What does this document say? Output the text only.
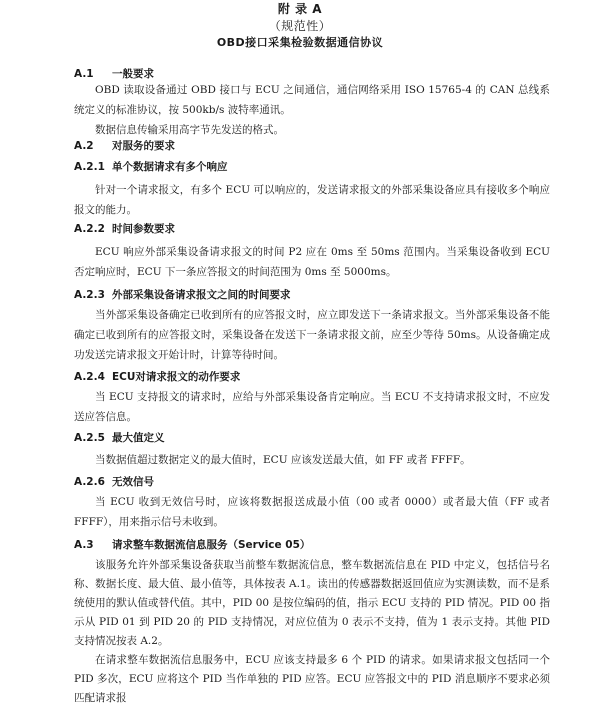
附 录 A
（规范性）
OBD接口采集检验数据通信协议
A.1 一般要求

OBD 读取设备通过 OBD 接口与 ECU 之间通信，通信网络采用 ISO 15765-4 的 CAN 总线系统定义的标准协议，按 500kb/s 波特率通讯。

数据信息传输采用高字节先发送的格式。

A.2 对服务的要求
A.2.1 单个数据请求有多个响应

针对一个请求报文，有多个 ECU 可以响应的，发送请求报文的外部采集设备应具有接收多个响应报文的能力。

A.2.2 时间参数要求

ECU 响应外部采集设备请求报文的时间 P2 应在 0ms 至 50ms 范围内。当采集设备收到 ECU 否定响应时，ECU 下一条应答报文的时间范围为 0ms 至 5000ms。

A.2.3 外部采集设备请求报文之间的时间要求

当外部采集设备确定已收到所有的应答报文时，应立即发送下一条请求报文。当外部采集设备不能确定已收到所有的应答报文时，采集设备在发送下一条请求报文前，应至少等待 50ms。从设备确定成功发送完请求报文开始计时，计算等待时间。

A.2.4 ECU对请求报文的动作要求

当 ECU 支持报文的请求时，应给与外部采集设备肯定响应。当 ECU 不支持请求报文时，不应发送应答信息。

A.2.5 最大值定义

当数据值超过数据定义的最大值时，ECU 应该发送最大值，如 FF 或者 FFFF。

A.2.6 无效信号

当 ECU 收到无效信号时，应该将数据报送成最小值（00 或者 0000）或者最大值（FF 或者 FFFF），用来指示信号未收到。

A.3 请求整车数据流信息服务（Service 05）

该服务允许外部采集设备获取当前整车数据流信息，整车数据流信息在 PID 中定义，包括信号名称、数据长度、最大值、最小值等，具体按表 A.1。读出的传感器数据返回值应为实测读数，而不是系统使用的默认值或替代值。其中，PID 00 是按位编码的值，指示 ECU 支持的 PID 情况。PID 00 指示从 PID 01 到 PID 20 的 PID 支持情况，对应位值为 0 表示不支持，值为 1 表示支持。其他 PID 支持情况按表 A.2。

在请求整车数据流信息服务中，ECU 应该支持最多 6 个 PID 的请求。如果请求报文包括同一个 PID 多次，ECU 应将这个 PID 当作单独的 PID 应答。ECU 应答报文中的 PID 消息顺序不要求必须匹配请求报
